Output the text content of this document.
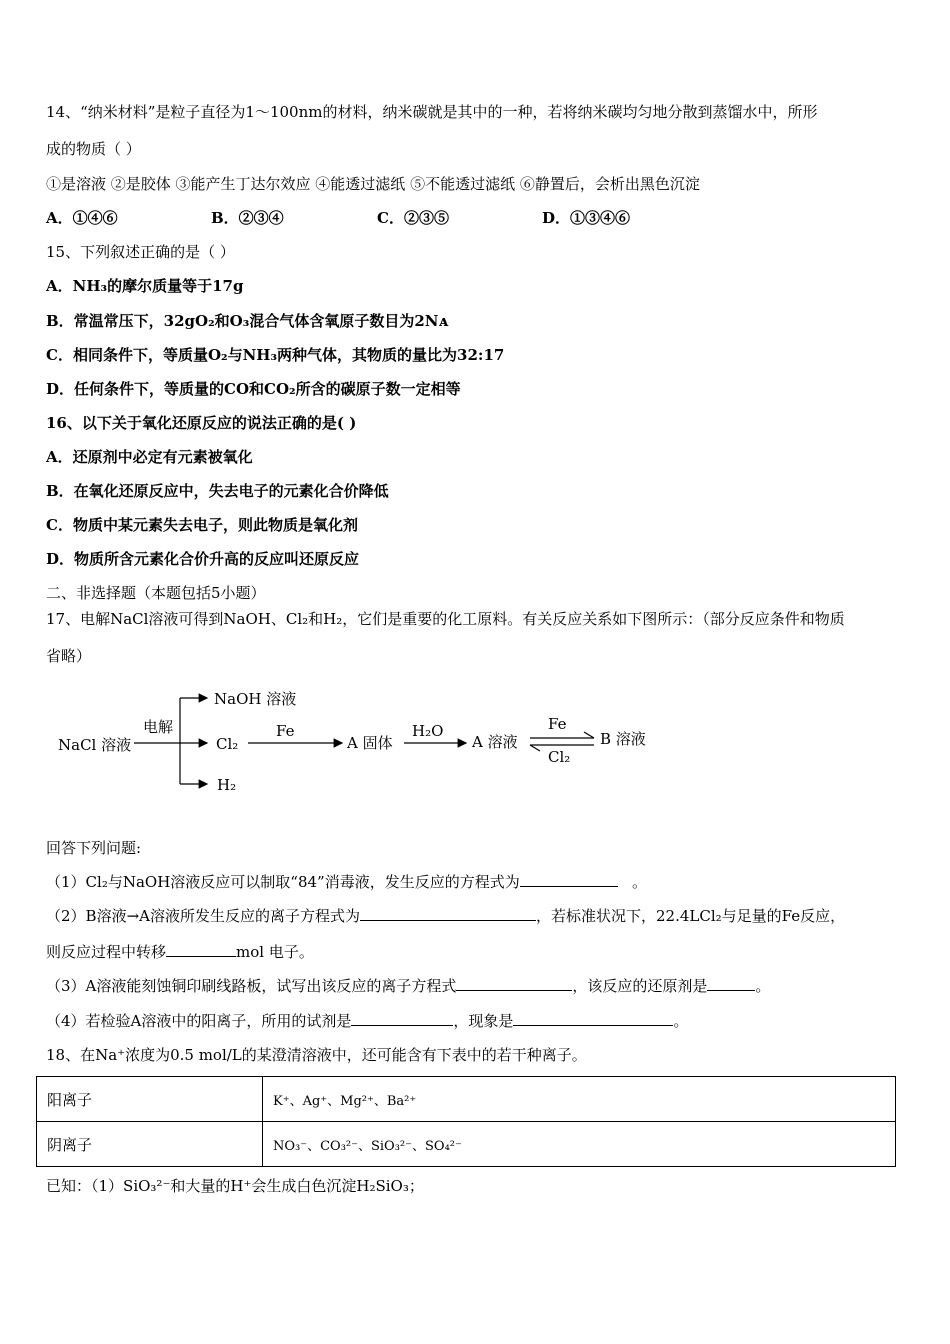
14、“纳米材料”是粒子直径为1～100nm的材料，纳米碳就是其中的一种，若将纳米碳均匀地分散到蒸馏水中，所形
成的物质（ ）
①是溶液 ②是胶体 ③能产生丁达尔效应 ④能透过滤纸 ⑤不能透过滤纸 ⑥静置后，会析出黑色沉淀
A．①④⑥	B．②③④	C．②③⑤	D．①③④⑥
15、下列叙述正确的是（ ）
A．NH₃的摩尔质量等于17g
B．常温常压下，32gO₂和O₃混合气体含氧原子数目为2Nᴀ
C．相同条件下，等质量O₂与NH₃两种气体，其物质的量比为32:17
D．任何条件下，等质量的CO和CO₂所含的碳原子数一定相等
16、以下关于氧化还原反应的说法正确的是( )
A．还原剂中必定有元素被氧化
B．在氧化还原反应中，失去电子的元素化合价降低
C．物质中某元素失去电子，则此物质是氧化剂
D．物质所含元素化合价升高的反应叫还原反应
二、非选择题（本题包括5小题）
17、电解NaCl溶液可得到NaOH、Cl₂和H₂，它们是重要的化工原料。有关反应关系如下图所示：（部分反应条件和物质
省略）
NaCl 溶液
电解
NaOH 溶液
Cl₂
H₂
Fe
A 固体
H₂O
A 溶液
Fe
Cl₂
B 溶液
回答下列问题:
（1）Cl₂与NaOH溶液反应可以制取“84”消毒液，发生反应的方程式为	。
（2）B溶液→A溶液所发生反应的离子方程式为	，若标准状况下，22.4LCl₂与足量的Fe反应，
则反应过程中转移	mol 电子。
（3）A溶液能刻蚀铜印刷线路板，试写出该反应的离子方程式	，该反应的还原剂是	。
（4）若检验A溶液中的阳离子，所用的试剂是	，现象是	。
18、在Na⁺浓度为0.5 mol/L的某澄清溶液中，还可能含有下表中的若干种离子。
阳离子	K⁺、Ag⁺、Mg²⁺、Ba²⁺
阴离子	NO₃⁻、CO₃²⁻、SiO₃²⁻、SO₄²⁻
已知：（1）SiO₃²⁻和大量的H⁺会生成白色沉淀H₂SiO₃；
